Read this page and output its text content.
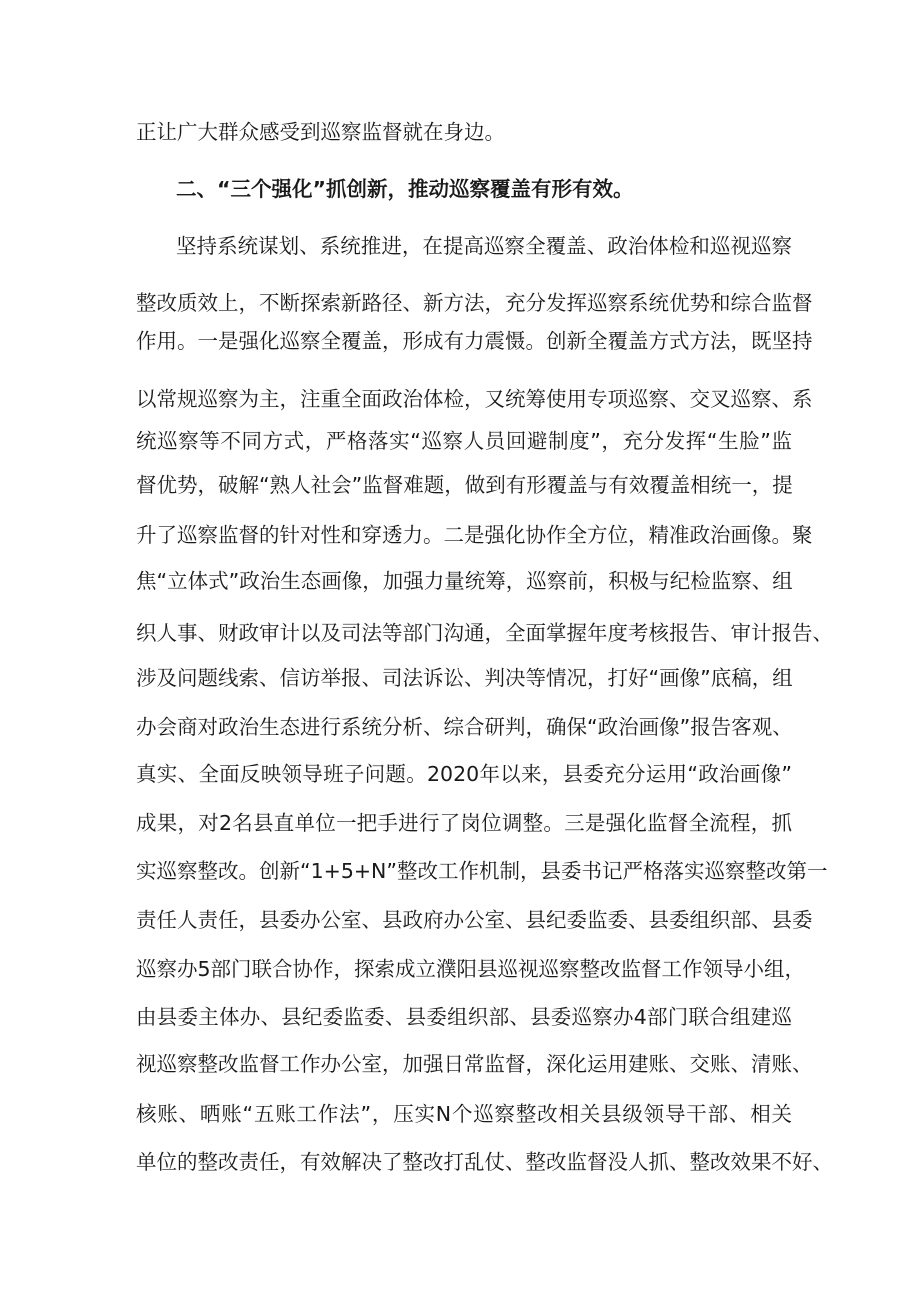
正让广大群众感受到巡察监督就在身边。
二、“三个强化”抓创新，推动巡察覆盖有形有效。
坚持系统谋划、系统推进，在提高巡察全覆盖、政治体检和巡视巡察
整改质效上，不断探索新路径、新方法，充分发挥巡察系统优势和综合监督
作用。一是强化巡察全覆盖，形成有力震慑。创新全覆盖方式方法，既坚持
以常规巡察为主，注重全面政治体检，又统筹使用专项巡察、交叉巡察、系
统巡察等不同方式，严格落实“巡察人员回避制度”，充分发挥“生脸”监
督优势，破解“熟人社会”监督难题，做到有形覆盖与有效覆盖相统一，提
升了巡察监督的针对性和穿透力。二是强化协作全方位，精准政治画像。聚
焦“立体式”政治生态画像，加强力量统筹，巡察前，积极与纪检监察、组
织人事、财政审计以及司法等部门沟通，全面掌握年度考核报告、审计报告、
涉及问题线索、信访举报、司法诉讼、判决等情况，打好“画像”底稿，组
办会商对政治生态进行系统分析、综合研判，确保“政治画像”报告客观、
真实、全面反映领导班子问题。2020年以来，县委充分运用“政治画像”
成果，对2名县直单位一把手进行了岗位调整。三是强化监督全流程，抓
实巡察整改。创新“1+5+N”整改工作机制，县委书记严格落实巡察整改第一
责任人责任，县委办公室、县政府办公室、县纪委监委、县委组织部、县委
巡察办5部门联合协作，探索成立濮阳县巡视巡察整改监督工作领导小组，
由县委主体办、县纪委监委、县委组织部、县委巡察办4部门联合组建巡
视巡察整改监督工作办公室，加强日常监督，深化运用建账、交账、清账、
核账、晒账“五账工作法”，压实N个巡察整改相关县级领导干部、相关
单位的整改责任，有效解决了整改打乱仗、整改监督没人抓、整改效果不好、
